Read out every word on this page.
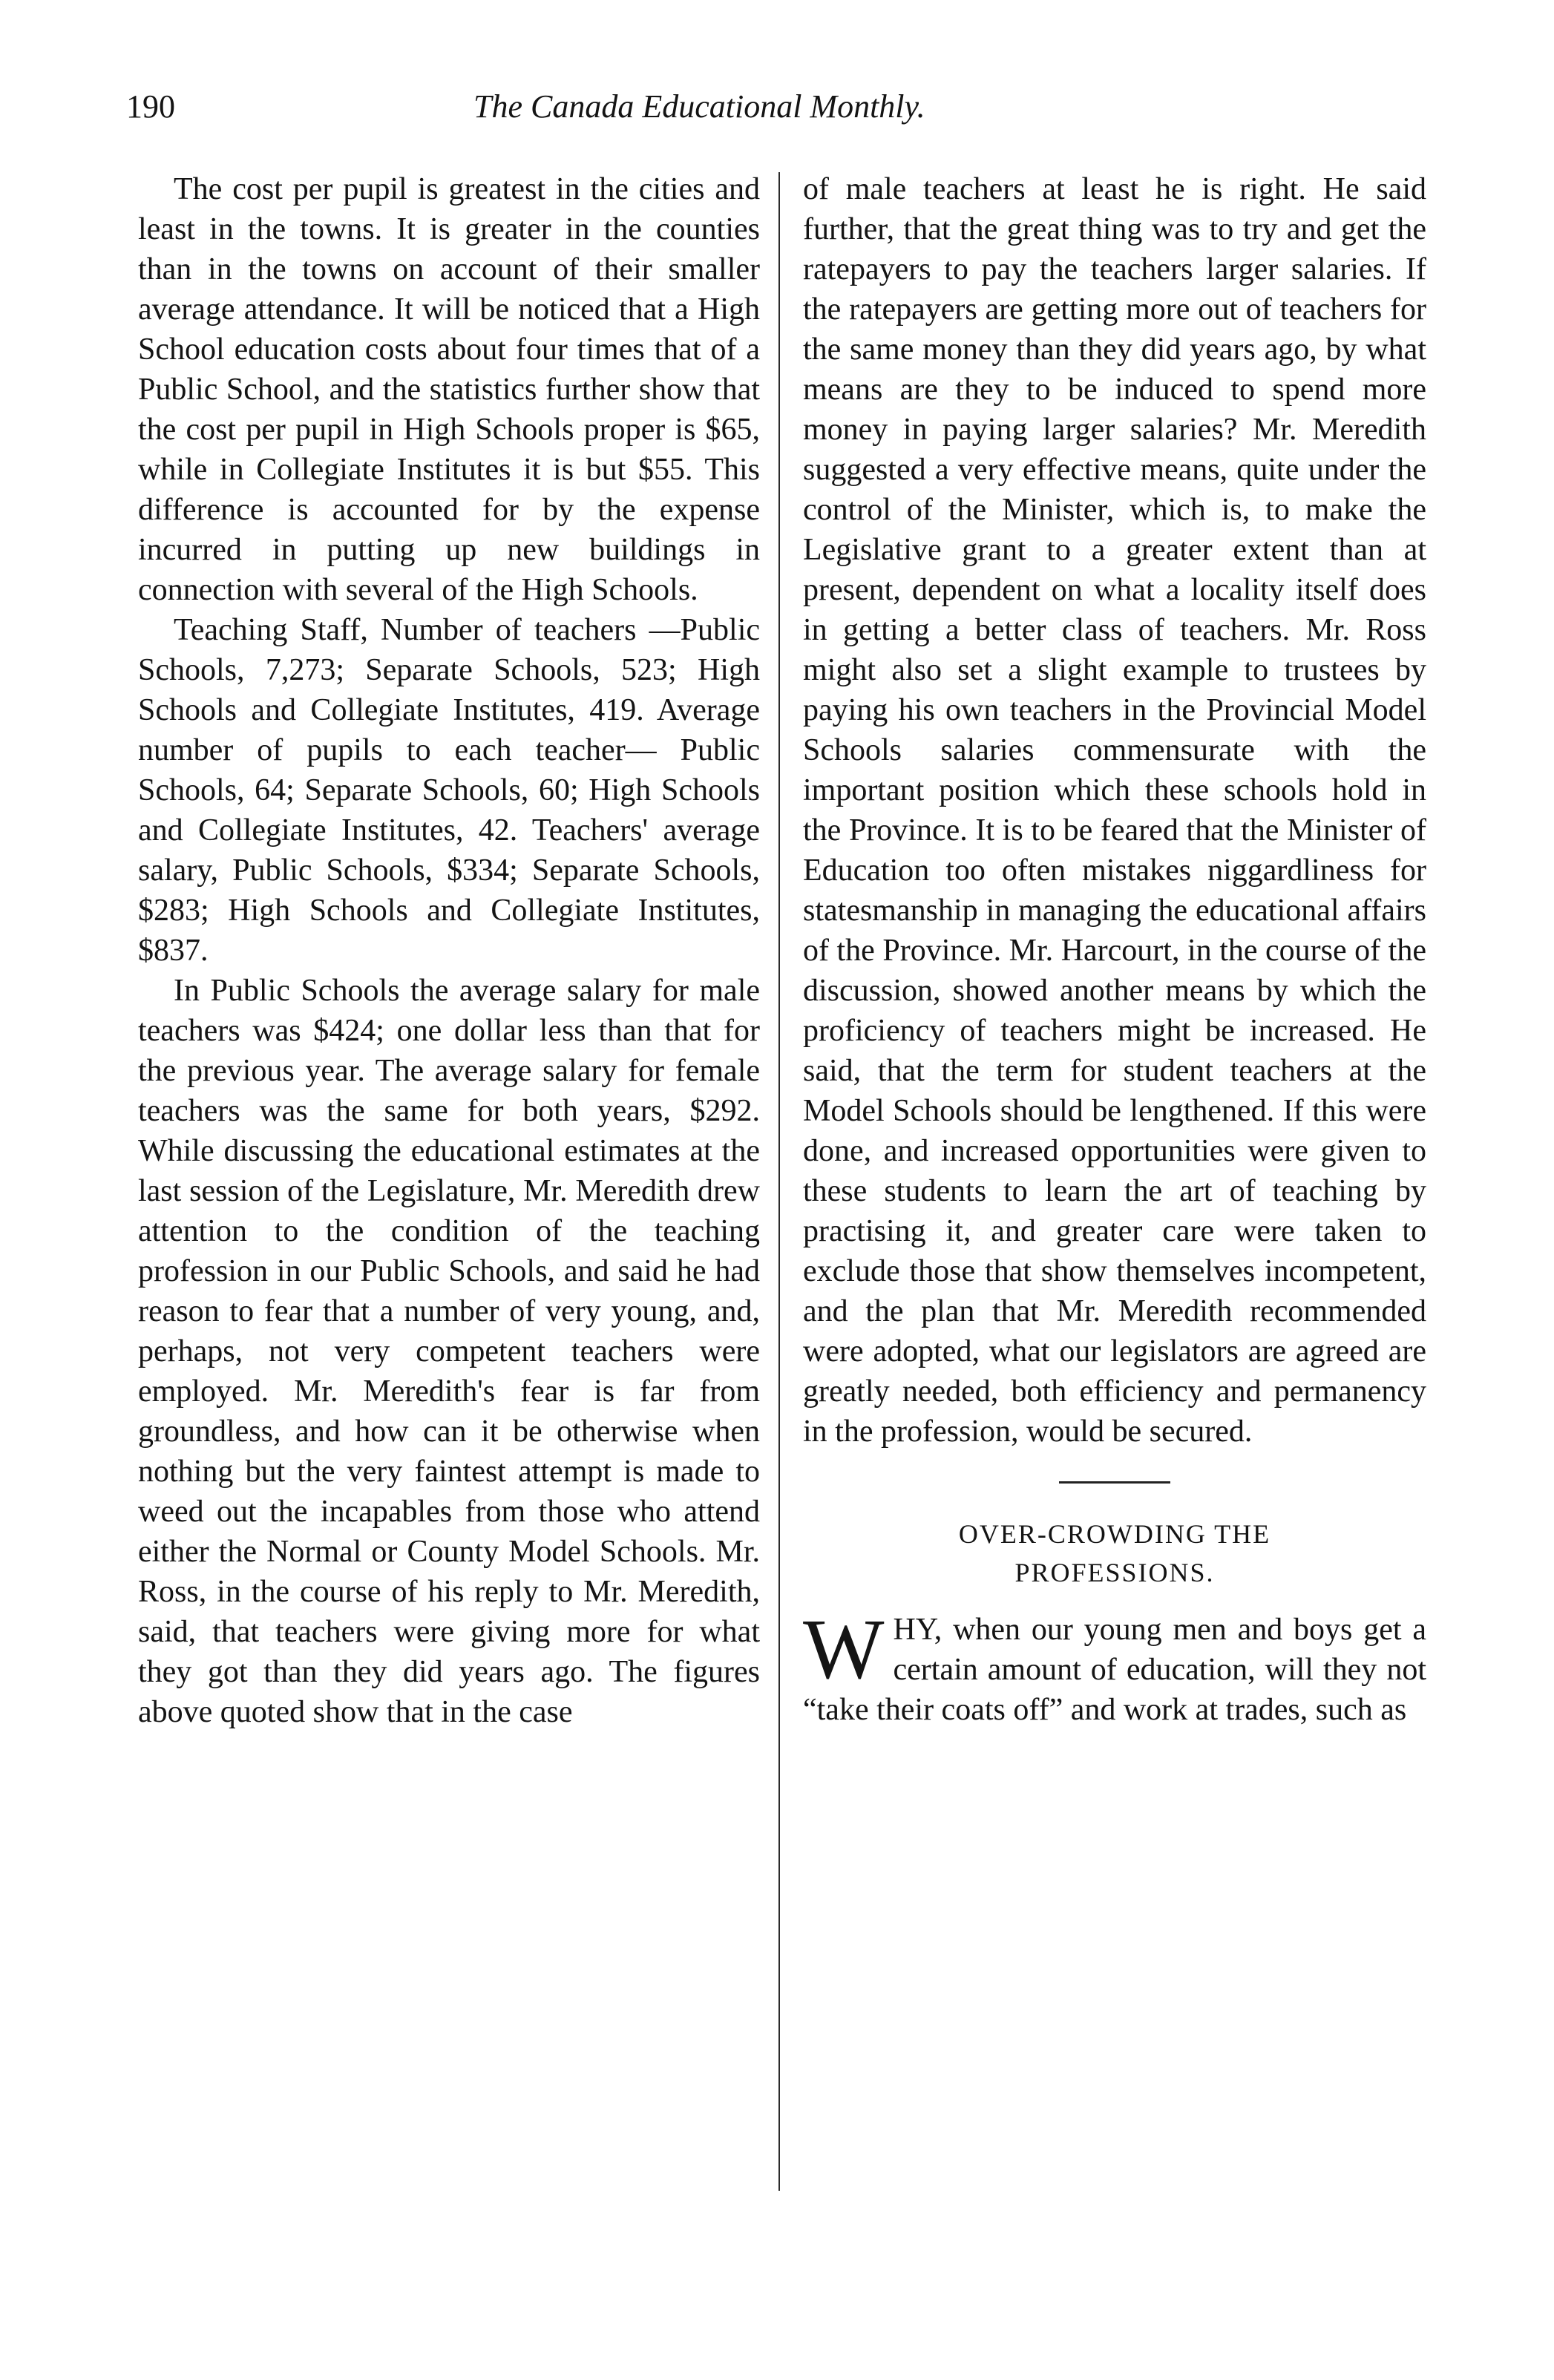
190	The Canada Educational Monthly.

The cost per pupil is greatest in the cities and least in the towns. It is greater in the counties than in the towns on account of their smaller average attendance. It will be noticed that a High School education costs about four times that of a Public School, and the statistics further show that the cost per pupil in High Schools proper is $65, while in Collegiate Institutes it is but $55. This difference is accounted for by the expense incurred in putting up new buildings in connection with several of the High Schools.

Teaching Staff, Number of teachers —Public Schools, 7,273; Separate Schools, 523; High Schools and Collegiate Institutes, 419. Average number of pupils to each teacher— Public Schools, 64; Separate Schools, 60; High Schools and Collegiate Institutes, 42. Teachers' average salary, Public Schools, $334; Separate Schools, $283; High Schools and Collegiate Institutes, $837.

In Public Schools the average salary for male teachers was $424; one dollar less than that for the previous year. The average salary for female teachers was the same for both years, $292. While discussing the educational estimates at the last session of the Legislature, Mr. Meredith drew attention to the condition of the teaching profession in our Public Schools, and said he had reason to fear that a number of very young, and, perhaps, not very competent teachers were employed. Mr. Meredith's fear is far from groundless, and how can it be otherwise when nothing but the very faintest attempt is made to weed out the incapables from those who attend either the Normal or County Model Schools. Mr. Ross, in the course of his reply to Mr. Meredith, said, that teachers were giving more for what they got than they did years ago. The figures above quoted show that in the case

of male teachers at least he is right. He said further, that the great thing was to try and get the ratepayers to pay the teachers larger salaries. If the ratepayers are getting more out of teachers for the same money than they did years ago, by what means are they to be induced to spend more money in paying larger salaries? Mr. Meredith suggested a very effective means, quite under the control of the Minister, which is, to make the Legislative grant to a greater extent than at present, dependent on what a locality itself does in getting a better class of teachers. Mr. Ross might also set a slight example to trustees by paying his own teachers in the Provincial Model Schools salaries commensurate with the important position which these schools hold in the Province. It is to be feared that the Minister of Education too often mistakes niggardliness for statesmanship in managing the educational affairs of the Province. Mr. Harcourt, in the course of the discussion, showed another means by which the proficiency of teachers might be increased. He said, that the term for student teachers at the Model Schools should be lengthened. If this were done, and increased opportunities were given to these students to learn the art of teaching by practising it, and greater care were taken to exclude those that show themselves incompetent, and the plan that Mr. Meredith recommended were adopted, what our legislators are agreed are greatly needed, both efficiency and permanency in the profession, would be secured.

OVER-CROWDING THE
PROFESSIONS.

WHY, when our young men and boys get a certain amount of education, will they not “take their coats off” and work at trades, such as
